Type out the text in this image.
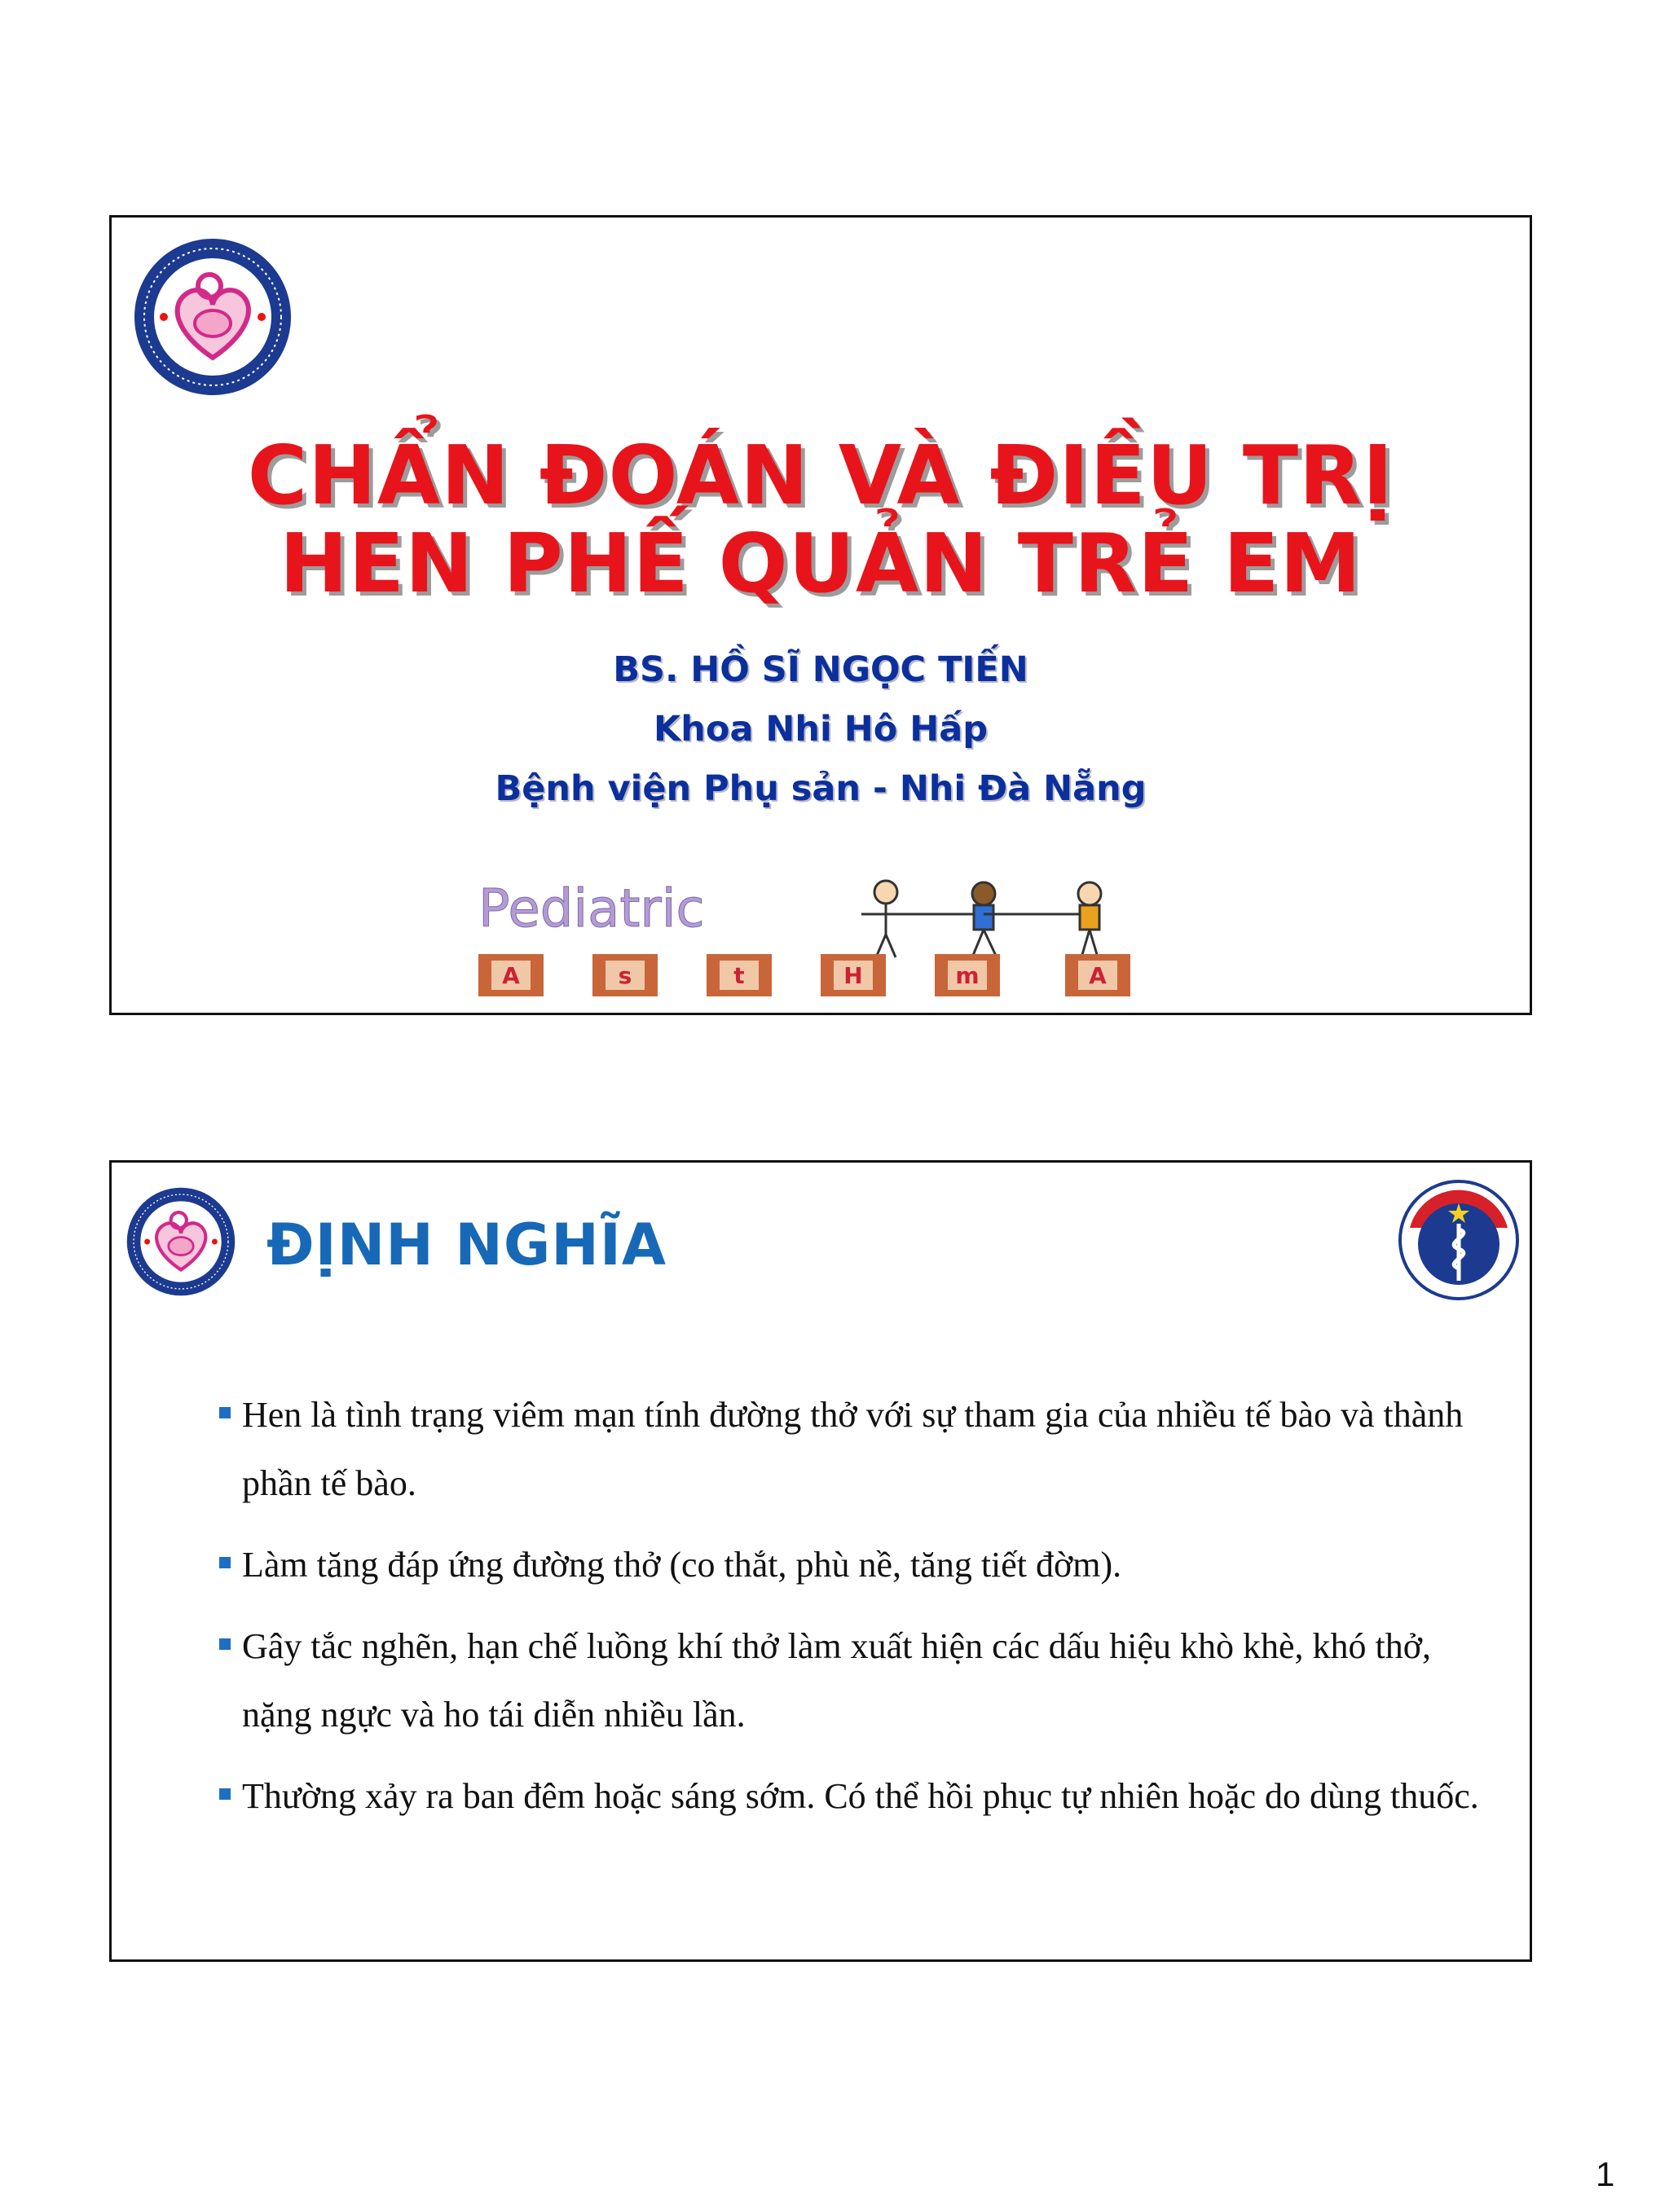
CHẨN ĐOÁN VÀ ĐIỀU TRỊ
HEN PHẾ QUẢN TRẺ EM
BS. HỒ SĨ NGỌC TIẾN
Khoa Nhi Hô Hấp
Bệnh viện Phụ sản - Nhi Đà Nẵng
Pediatric
A	s	t	H	m	A
ĐỊNH NGHĨA
Hen là tình trạng viêm mạn tính đường thở với sự tham gia của nhiều tế bào và thành phần tế bào.
Làm tăng đáp ứng đường thở (co thắt, phù nề, tăng tiết đờm).
Gây tắc nghẽn, hạn chế luồng khí thở làm xuất hiện các dấu hiệu khò khè, khó thở, nặng ngực và ho tái diễn nhiều lần.
Thường xảy ra ban đêm hoặc sáng sớm. Có thể hồi phục tự nhiên hoặc do dùng thuốc.
1
